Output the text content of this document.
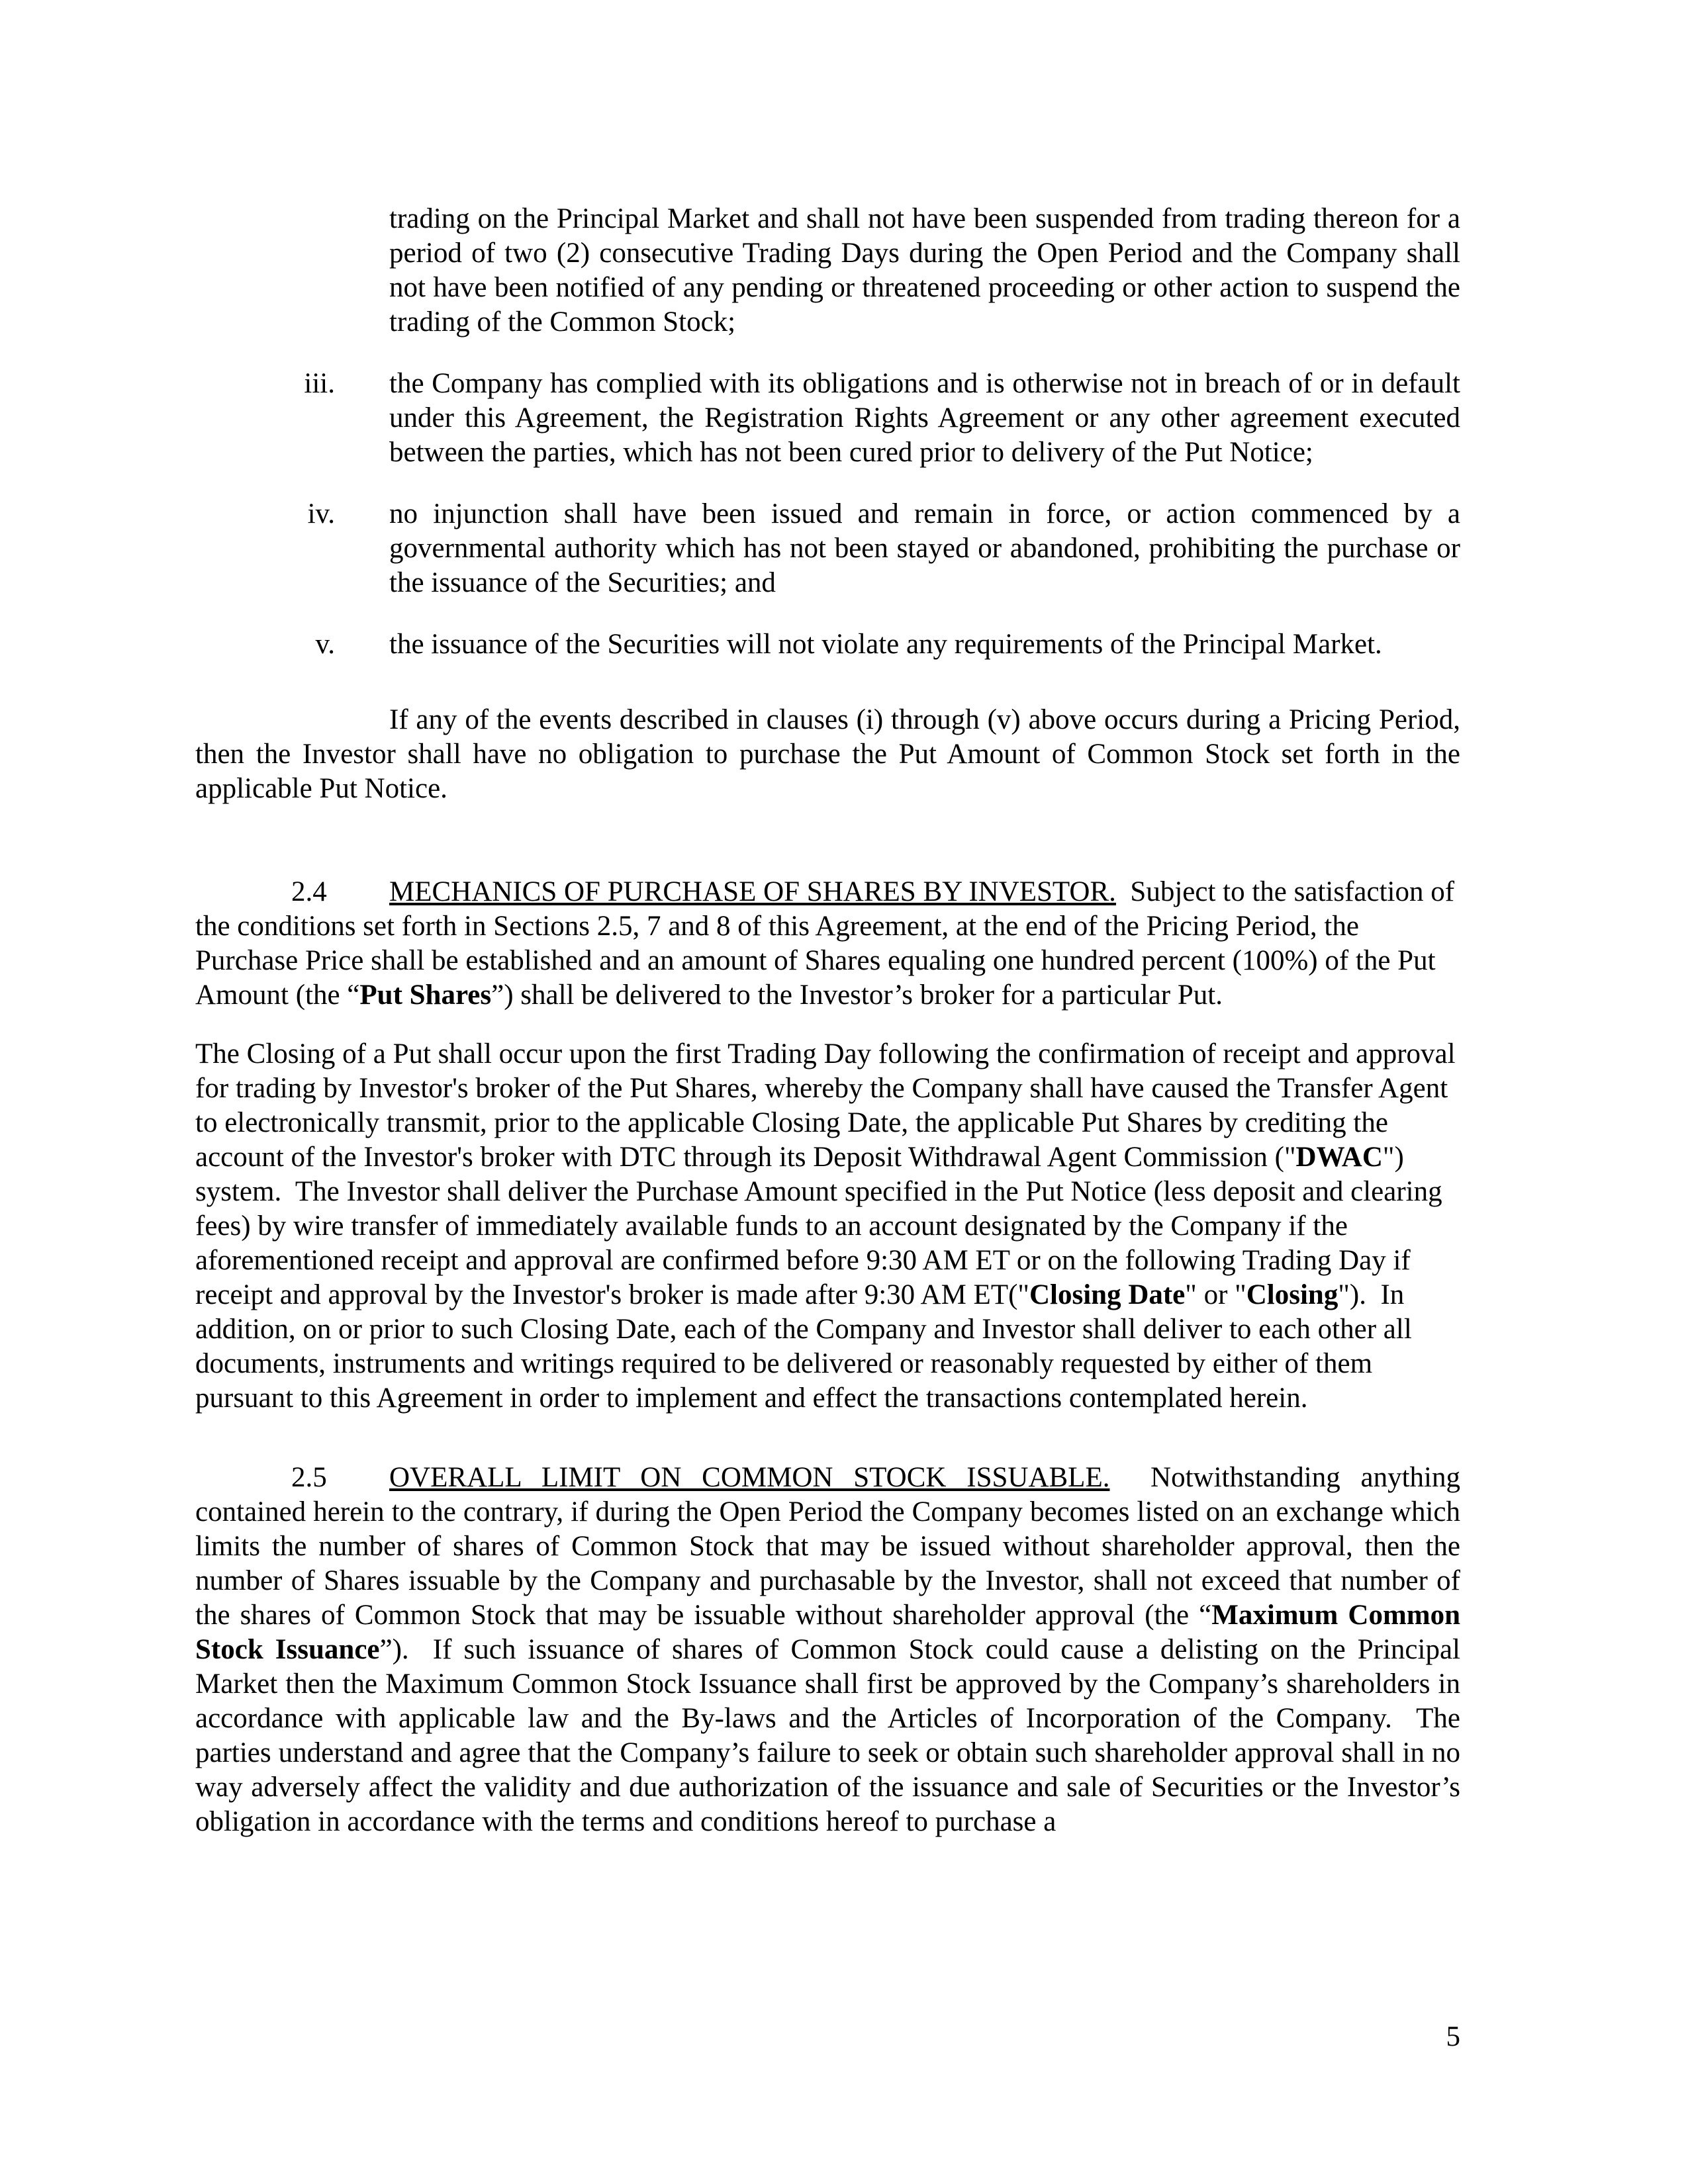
trading on the Principal Market and shall not have been suspended from trading thereon for a period of two (2) consecutive Trading Days during the Open Period and the Company shall not have been notified of any pending or threatened proceeding or other action to suspend the trading of the Common Stock;

iii. the Company has complied with its obligations and is otherwise not in breach of or in default under this Agreement, the Registration Rights Agreement or any other agreement executed between the parties, which has not been cured prior to delivery of the Put Notice;
iv. no injunction shall have been issued and remain in force, or action commenced by a governmental authority which has not been stayed or abandoned, prohibiting the purchase or the issuance of the Securities; and
v. the issuance of the Securities will not violate any requirements of the Principal Market.

If any of the events described in clauses (i) through (v) above occurs during a Pricing Period, then the Investor shall have no obligation to purchase the Put Amount of Common Stock set forth in the applicable Put Notice.

2.4 MECHANICS OF PURCHASE OF SHARES BY INVESTOR.  Subject to the satisfaction of the conditions set forth in Sections 2.5, 7 and 8 of this Agreement, at the end of the Pricing Period, the Purchase Price shall be established and an amount of Shares equaling one hundred percent (100%) of the Put Amount (the “Put Shares”) shall be delivered to the Investor’s broker for a particular Put.

The Closing of a Put shall occur upon the first Trading Day following the confirmation of receipt and approval for trading by Investor's broker of the Put Shares, whereby the Company shall have caused the Transfer Agent to electronically transmit, prior to the applicable Closing Date, the applicable Put Shares by crediting the account of the Investor's broker with DTC through its Deposit Withdrawal Agent Commission ("DWAC") system.  The Investor shall deliver the Purchase Amount specified in the Put Notice (less deposit and clearing fees) by wire transfer of immediately available funds to an account designated by the Company if the aforementioned receipt and approval are confirmed before 9:30 AM ET or on the following Trading Day if receipt and approval by the Investor's broker is made after 9:30 AM ET("Closing Date" or "Closing").  In addition, on or prior to such Closing Date, each of the Company and Investor shall deliver to each other all documents, instruments and writings required to be delivered or reasonably requested by either of them pursuant to this Agreement in order to implement and effect the transactions contemplated herein.

2.5 OVERALL LIMIT ON COMMON STOCK ISSUABLE.  Notwithstanding anything contained herein to the contrary, if during the Open Period the Company becomes listed on an exchange which limits the number of shares of Common Stock that may be issued without shareholder approval, then the number of Shares issuable by the Company and purchasable by the Investor, shall not exceed that number of the shares of Common Stock that may be issuable without shareholder approval (the “Maximum Common Stock Issuance”).  If such issuance of shares of Common Stock could cause a delisting on the Principal Market then the Maximum Common Stock Issuance shall first be approved by the Company’s shareholders in accordance with applicable law and the By-laws and the Articles of Incorporation of the Company.  The parties understand and agree that the Company’s failure to seek or obtain such shareholder approval shall in no way adversely affect the validity and due authorization of the issuance and sale of Securities or the Investor’s obligation in accordance with the terms and conditions hereof to purchase a

5
